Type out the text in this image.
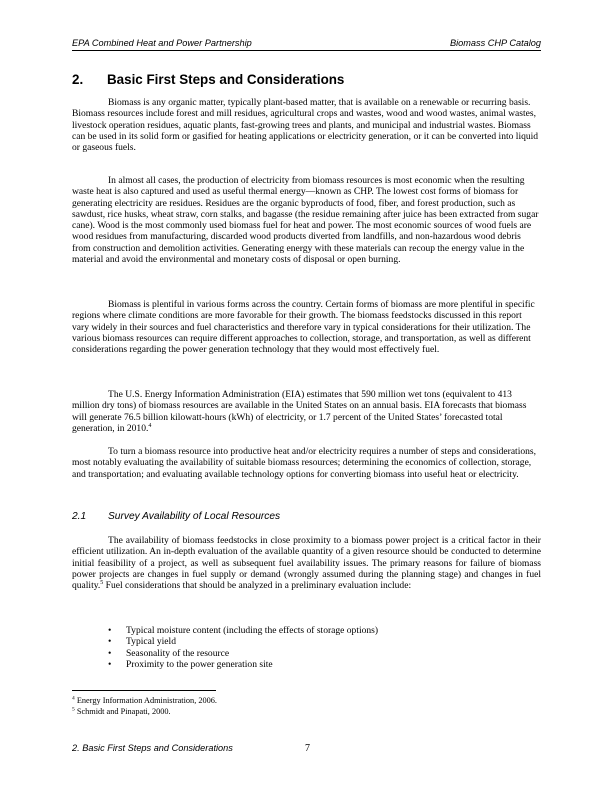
EPA Combined Heat and Power Partnership	Biomass CHP Catalog
2. Basic First Steps and Considerations
Biomass is any organic matter, typically plant-based matter, that is available on a renewable or recurring basis. Biomass resources include forest and mill residues, agricultural crops and wastes, wood and wood wastes, animal wastes, livestock operation residues, aquatic plants, fast-growing trees and plants, and municipal and industrial wastes. Biomass can be used in its solid form or gasified for heating applications or electricity generation, or it can be converted into liquid or gaseous fuels.
In almost all cases, the production of electricity from biomass resources is most economic when the resulting waste heat is also captured and used as useful thermal energy—known as CHP. The lowest cost forms of biomass for generating electricity are residues. Residues are the organic byproducts of food, fiber, and forest production, such as sawdust, rice husks, wheat straw, corn stalks, and bagasse (the residue remaining after juice has been extracted from sugar cane). Wood is the most commonly used biomass fuel for heat and power. The most economic sources of wood fuels are wood residues from manufacturing, discarded wood products diverted from landfills, and non-hazardous wood debris from construction and demolition activities. Generating energy with these materials can recoup the energy value in the material and avoid the environmental and monetary costs of disposal or open burning.
Biomass is plentiful in various forms across the country. Certain forms of biomass are more plentiful in specific regions where climate conditions are more favorable for their growth. The biomass feedstocks discussed in this report vary widely in their sources and fuel characteristics and therefore vary in typical considerations for their utilization. The various biomass resources can require different approaches to collection, storage, and transportation, as well as different considerations regarding the power generation technology that they would most effectively fuel.
The U.S. Energy Information Administration (EIA) estimates that 590 million wet tons (equivalent to 413 million dry tons) of biomass resources are available in the United States on an annual basis. EIA forecasts that biomass will generate 76.5 billion kilowatt-hours (kWh) of electricity, or 1.7 percent of the United States’ forecasted total generation, in 2010.$^4$
To turn a biomass resource into productive heat and/or electricity requires a number of steps and considerations, most notably evaluating the availability of suitable biomass resources; determining the economics of collection, storage, and transportation; and evaluating available technology options for converting biomass into useful heat or electricity.
2.1 Survey Availability of Local Resources
The availability of biomass feedstocks in close proximity to a biomass power project is a critical factor in their efficient utilization. An in-depth evaluation of the available quantity of a given resource should be conducted to determine initial feasibility of a project, as well as subsequent fuel availability issues. The primary reasons for failure of biomass power projects are changes in fuel supply or demand (wrongly assumed during the planning stage) and changes in fuel quality.$^5$ Fuel considerations that should be analyzed in a preliminary evaluation include:
• Typical moisture content (including the effects of storage options)
• Typical yield
• Seasonality of the resource
• Proximity to the power generation site
$^4$ Energy Information Administration, 2006.
$^5$ Schmidt and Pinapati, 2000.
2. Basic First Steps and Considerations	7
